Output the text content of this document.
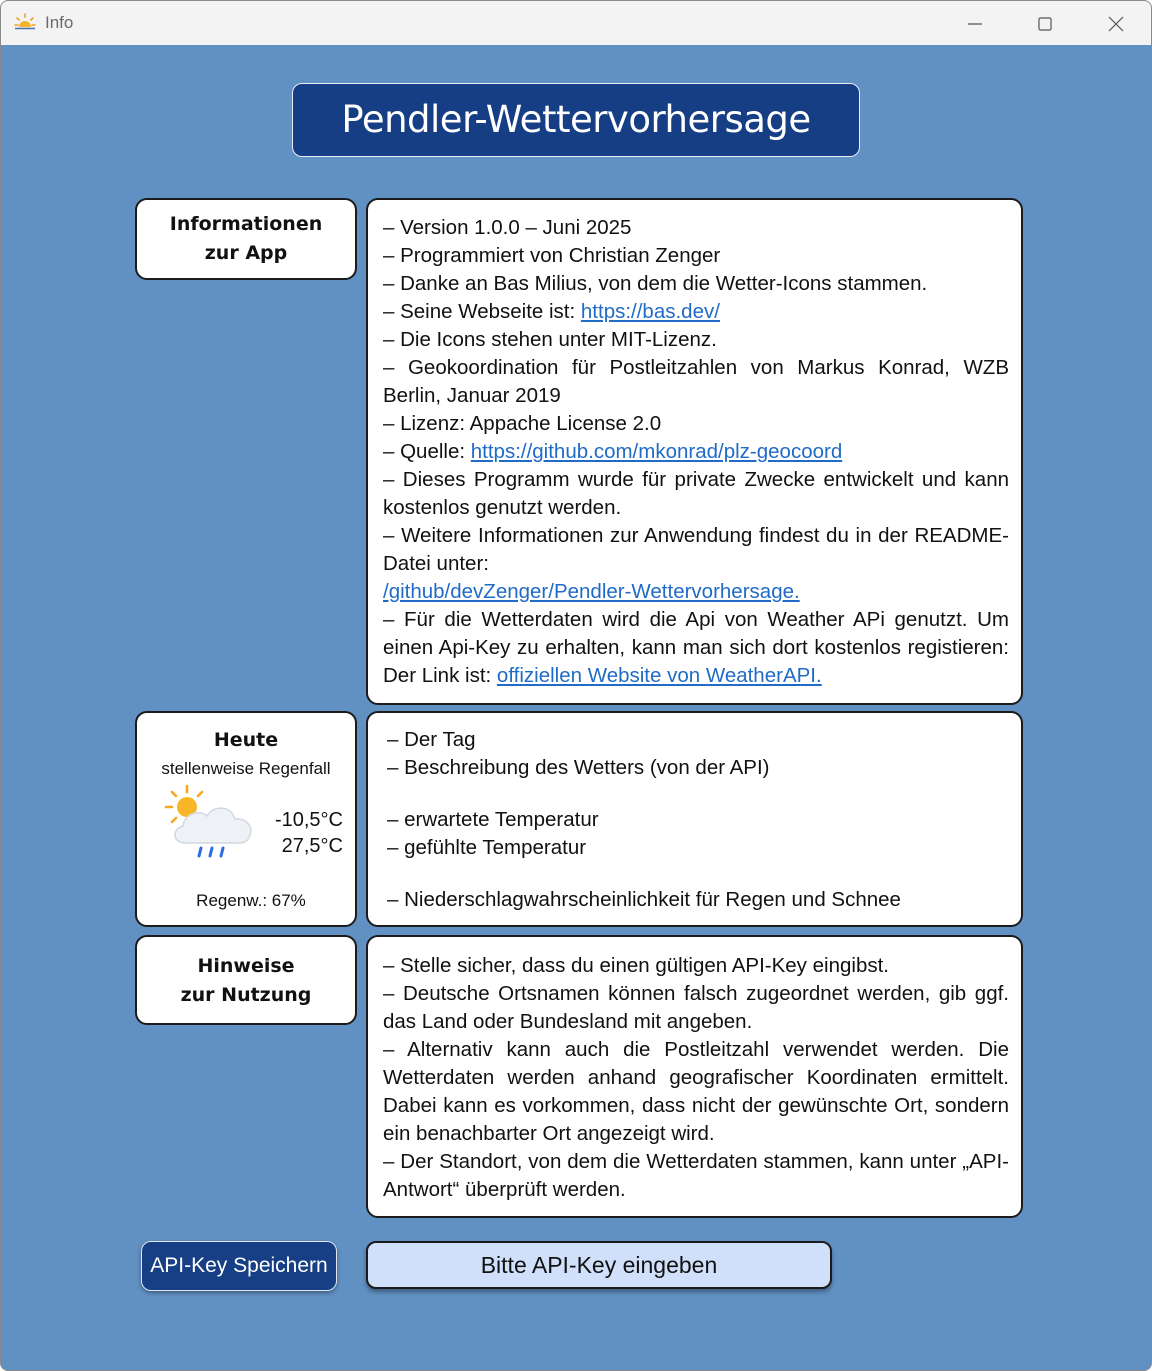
Info
Pendler-Wettervorhersage
Informationen
zur App
– Version 1.0.0 – Juni 2025
– Programmiert von Christian Zenger
– Danke an Bas Milius, von dem die Wetter-Icons stammen.
– Seine Webseite ist: https://bas.dev/
– Die Icons stehen unter MIT-Lizenz.
– Geokoordination für Postleitzahlen von Markus Konrad, WZB Berlin, Januar 2019
– Lizenz: Appache License 2.0
– Quelle: https://github.com/mkonrad/plz-geocoord
– Dieses Programm wurde für private Zwecke entwickelt und kann kostenlos genutzt werden.
– Weitere Informationen zur Anwendung findest du in der README-Datei unter:
/github/devZenger/Pendler-Wettervorhersage.
– Für die Wetterdaten wird die Api von Weather APi genutzt. Um einen Api-Key zu erhalten, kann man sich dort kostenlos registieren: Der Link ist: offiziellen Website von WeatherAPI.
Heute
stellenweise Regenfall
-10,5°C
27,5°C
Regenw.: 67%
– Der Tag
– Beschreibung des Wetters (von der API)
– erwartete Temperatur
– gefühlte Temperatur
– Niederschlagwahrscheinlichkeit für Regen und Schnee
Hinweise
zur Nutzung
– Stelle sicher, dass du einen gültigen API-Key eingibst.
– Deutsche Ortsnamen können falsch zugeordnet werden, gib ggf. das Land oder Bundesland mit angeben.
– Alternativ kann auch die Postleitzahl verwendet werden. Die Wetterdaten werden anhand geografischer Koordinaten ermittelt. Dabei kann es vorkommen, dass nicht der gewünschte Ort, sondern ein benachbarter Ort angezeigt wird.
– Der Standort, von dem die Wetterdaten stammen, kann unter „API-Antwort“ überprüft werden.
API-Key Speichern	Bitte API-Key eingeben
